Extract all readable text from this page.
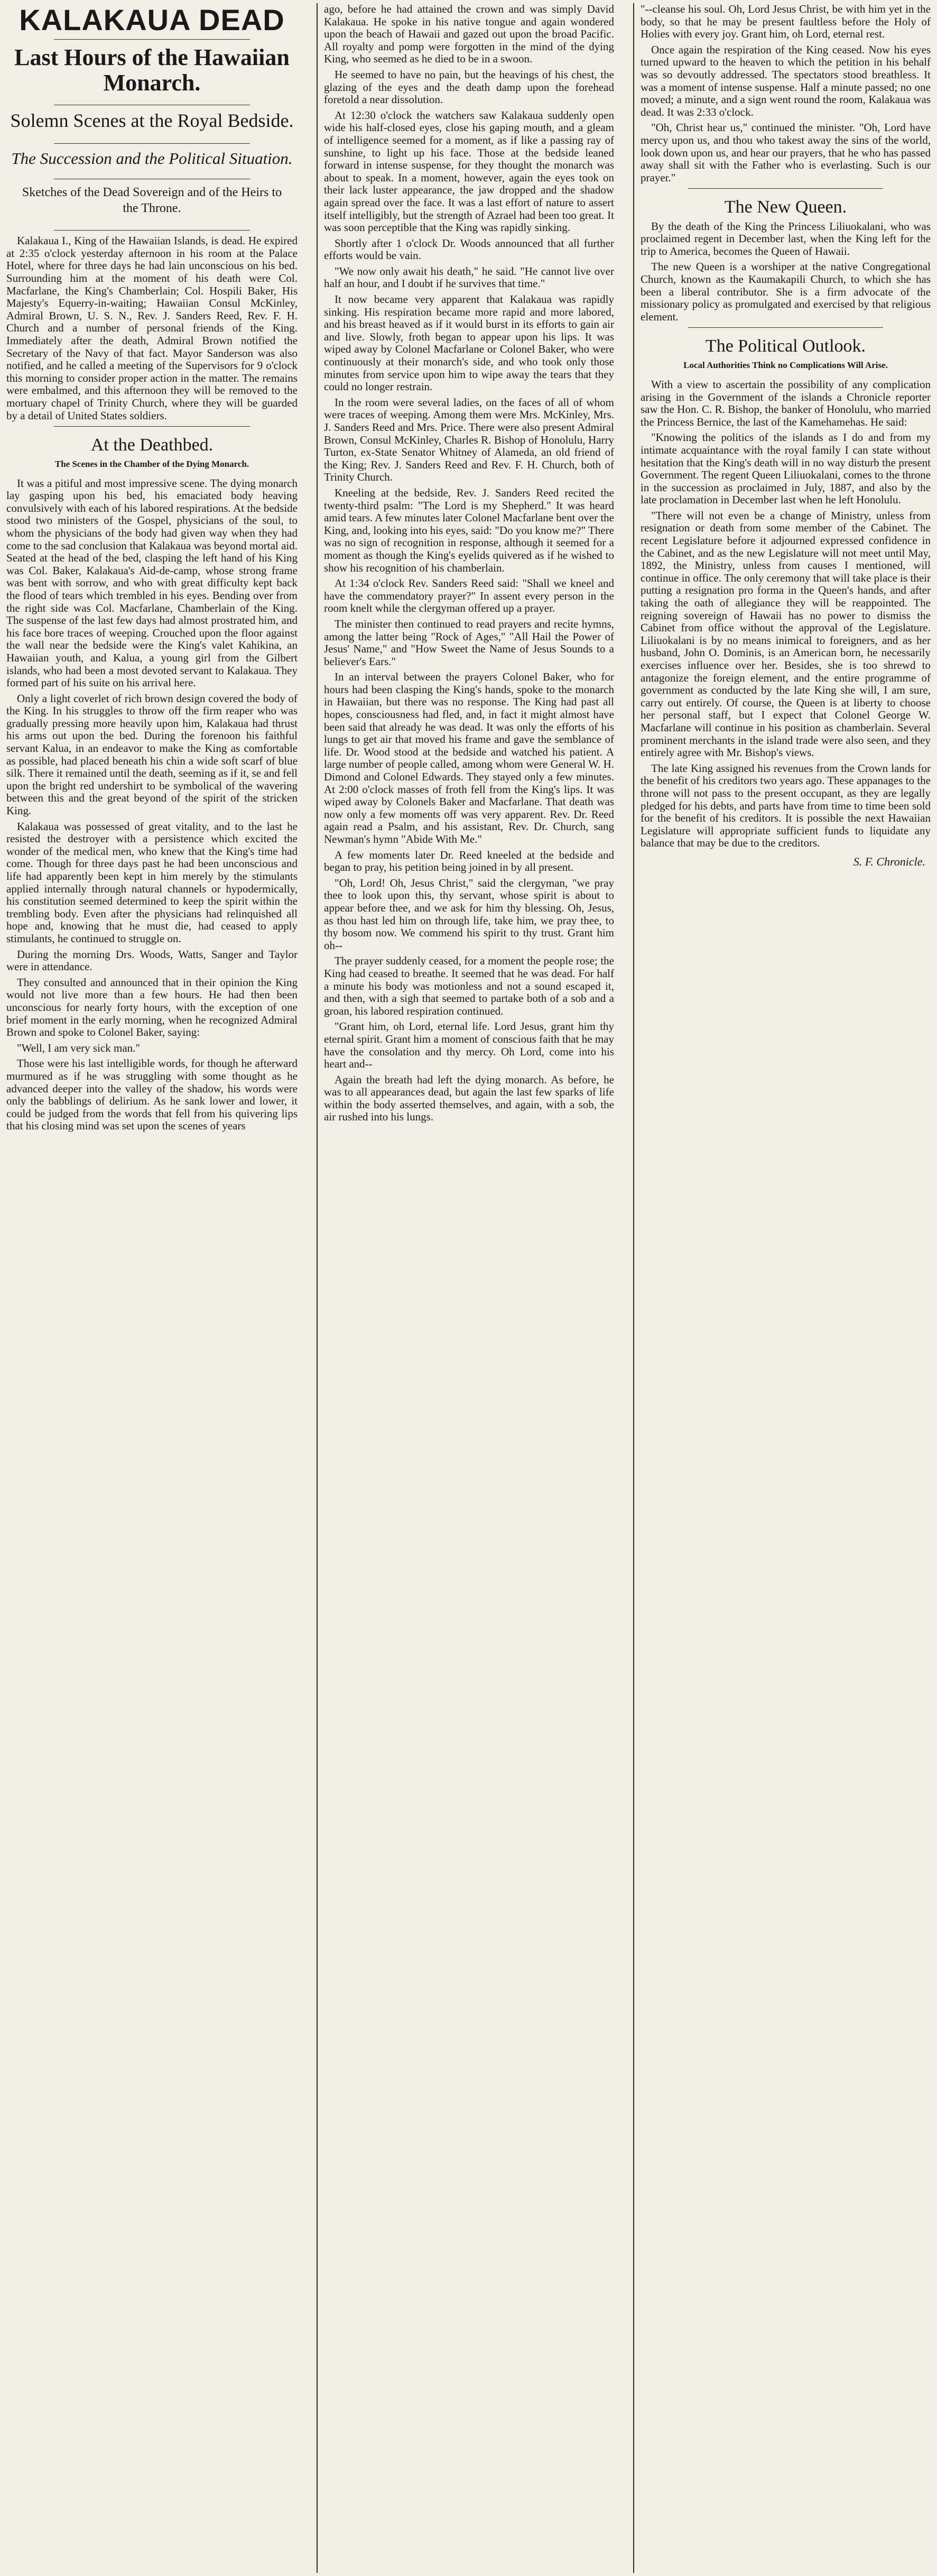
KALAKAUA DEAD
Last Hours of the Hawaiian Monarch.
Solemn Scenes at the Royal Bedside.
The Succession and the Political Situation.
Sketches of the Dead Sovereign and of the Heirs to the Throne.

Kalakaua I., King of the Hawaiian Islands, is dead. He expired at 2:35 o'clock yesterday afternoon in his room at the Palace Hotel, where for three days he had lain unconscious on his bed. Surrounding him at the moment of his death were Col. Macfarlane, the King's Chamberlain; Col. Hospili Baker, His Majesty's Equerry-in-waiting; Hawaiian Consul McKinley, Admiral Brown, U. S. N., Rev. J. Sanders Reed, Rev. F. H. Church and a number of personal friends of the King. Immediately after the death, Admiral Brown notified the Secretary of the Navy of that fact. Mayor Sanderson was also notified, and he called a meeting of the Supervisors for 9 o'clock this morning to consider proper action in the matter. The remains were embalmed, and this afternoon they will be removed to the mortuary chapel of Trinity Church, where they will be guarded by a detail of United States soldiers.

At the Deathbed.
The Scenes in the Chamber of the Dying Monarch.

It was a pitiful and most impressive scene. The dying monarch lay gasping upon his bed, his emaciated body heaving convulsively with each of his labored respirations. At the bedside stood two ministers of the Gospel, physicians of the soul, to whom the physicians of the body had given way when they had come to the sad conclusion that Kalakaua was beyond mortal aid. Seated at the head of the bed, clasping the left hand of his King was Col. Baker, Kalakaua's Aid-de-camp, whose strong frame was bent with sorrow, and who with great difficulty kept back the flood of tears which trembled in his eyes. Bending over from the right side was Col. Macfarlane, Chamberlain of the King. The suspense of the last few days had almost prostrated him, and his face bore traces of weeping. Crouched upon the floor against the wall near the bedside were the King's valet Kahikina, an Hawaiian youth, and Kalua, a young girl from the Gilbert islands, who had been a most devoted servant to Kalakaua. They formed part of his suite on his arrival here.

Only a light coverlet of rich brown design covered the body of the King. In his struggles to throw off the firm reaper who was gradually pressing more heavily upon him, Kalakaua had thrust his arms out upon the bed. During the forenoon his faithful servant Kalua, in an endeavor to make the King as comfortable as possible, had placed beneath his chin a wide soft scarf of blue silk. There it remained until the death, seeming as if it, se and fell upon the bright red undershirt to be symbolical of the wavering between this and the great beyond of the spirit of the stricken King.

Kalakaua was possessed of great vitality, and to the last he resisted the destroyer with a persistence which excited the wonder of the medical men, who knew that the King's time had come. Though for three days past he had been unconscious and life had apparently been kept in him merely by the stimulants applied internally through natural channels or hypodermically, his constitution seemed determined to keep the spirit within the trembling body. Even after the physicians had relinquished all hope and, knowing that he must die, had ceased to apply stimulants, he continued to struggle on.

During the morning Drs. Woods, Watts, Sanger and Taylor were in attendance.

They consulted and announced that in their opinion the King would not live more than a few hours. He had then been unconscious for nearly forty hours, with the exception of one brief moment in the early morning, when he recognized Admiral Brown and spoke to Colonel Baker, saying:

"Well, I am very sick man."

Those were his last intelligible words, for though he afterward murmured as if he was struggling with some thought as he advanced deeper into the valley of the shadow, his words were only the babblings of delirium. As he sank lower and lower, it could be judged from the words that fell from his quivering lips that his closing mind was set upon the scenes of years

ago, before he had attained the crown and was simply David Kalakaua. He spoke in his native tongue and again wondered upon the beach of Hawaii and gazed out upon the broad Pacific. All royalty and pomp were forgotten in the mind of the dying King, who seemed as he died to be in a swoon.

He seemed to have no pain, but the heavings of his chest, the glazing of the eyes and the death damp upon the forehead foretold a near dissolution.

At 12:30 o'clock the watchers saw Kalakaua suddenly open wide his half-closed eyes, close his gaping mouth, and a gleam of intelligence seemed for a moment, as if like a passing ray of sunshine, to light up his face. Those at the bedside leaned forward in intense suspense, for they thought the monarch was about to speak. In a moment, however, again the eyes took on their lack luster appearance, the jaw dropped and the shadow again spread over the face. It was a last effort of nature to assert itself intelligibly, but the strength of Azrael had been too great. It was soon perceptible that the King was rapidly sinking.

Shortly after 1 o'clock Dr. Woods announced that all further efforts would be vain.

"We now only await his death," he said. "He cannot live over half an hour, and I doubt if he survives that time."

It now became very apparent that Kalakaua was rapidly sinking. His respiration became more rapid and more labored, and his breast heaved as if it would burst in its efforts to gain air and live. Slowly, froth began to appear upon his lips. It was wiped away by Colonel Macfarlane or Colonel Baker, who were continuously at their monarch's side, and who took only those minutes from service upon him to wipe away the tears that they could no longer restrain.

In the room were several ladies, on the faces of all of whom were traces of weeping. Among them were Mrs. McKinley, Mrs. J. Sanders Reed and Mrs. Price. There were also present Admiral Brown, Consul McKinley, Charles R. Bishop of Honolulu, Harry Turton, ex-State Senator Whitney of Alameda, an old friend of the King; Rev. J. Sanders Reed and Rev. F. H. Church, both of Trinity Church.

Kneeling at the bedside, Rev. J. Sanders Reed recited the twenty-third psalm: "The Lord is my Shepherd." It was heard amid tears. A few minutes later Colonel Macfarlane bent over the King, and, looking into his eyes, said: "Do you know me?" There was no sign of recognition in response, although it seemed for a moment as though the King's eyelids quivered as if he wished to show his recognition of his chamberlain.

At 1:34 o'clock Rev. Sanders Reed said: "Shall we kneel and have the commendatory prayer?" In assent every person in the room knelt while the clergyman offered up a prayer.

The minister then continued to read prayers and recite hymns, among the latter being "Rock of Ages," "All Hail the Power of Jesus' Name," and "How Sweet the Name of Jesus Sounds to a believer's Ears."

In an interval between the prayers Colonel Baker, who for hours had been clasping the King's hands, spoke to the monarch in Hawaiian, but there was no response. The King had past all hopes, consciousness had fled, and, in fact it might almost have been said that already he was dead. It was only the efforts of his lungs to get air that moved his frame and gave the semblance of life. Dr. Wood stood at the bedside and watched his patient. A large number of people called, among whom were General W. H. Dimond and Colonel Edwards. They stayed only a few minutes. At 2:00 o'clock masses of froth fell from the King's lips. It was wiped away by Colonels Baker and Macfarlane. That death was now only a few moments off was very apparent. Rev. Dr. Reed again read a Psalm, and his assistant, Rev. Dr. Church, sang Newman's hymn "Abide With Me."

A few moments later Dr. Reed kneeled at the bedside and began to pray, his petition being joined in by all present.

"Oh, Lord! Oh, Jesus Christ," said the clergyman, "we pray thee to look upon this, thy servant, whose spirit is about to appear before thee, and we ask for him thy blessing. Oh, Jesus, as thou hast led him on through life, take him, we pray thee, to thy bosom now. We commend his spirit to thy trust. Grant him oh--

The prayer suddenly ceased, for a moment the people rose; the King had ceased to breathe. It seemed that he was dead. For half a minute his body was motionless and not a sound escaped it, and then, with a sigh that seemed to partake both of a sob and a groan, his labored respiration continued.

"Grant him, oh Lord, eternal life. Lord Jesus, grant him thy eternal spirit. Grant him a moment of conscious faith that he may have the consolation and thy mercy. Oh Lord, come into his heart and--

Again the breath had left the dying monarch. As before, he was to all appearances dead, but again the last few sparks of life within the body asserted themselves, and again, with a sob, the air rushed into his lungs.

"--cleanse his soul. Oh, Lord Jesus Christ, be with him yet in the body, so that he may be present faultless before the Holy of Holies with every joy. Grant him, oh Lord, eternal rest.

Once again the respiration of the King ceased. Now his eyes turned upward to the heaven to which the petition in his behalf was so devoutly addressed. The spectators stood breathless. It was a moment of intense suspense. Half a minute passed; no one moved; a minute, and a sign went round the room, Kalakaua was dead. It was 2:33 o'clock.

"Oh, Christ hear us," continued the minister. "Oh, Lord have mercy upon us, and thou who takest away the sins of the world, look down upon us, and hear our prayers, that he who has passed away shall sit with the Father who is everlasting. Such is our prayer."

The New Queen.

By the death of the King the Princess Liliuokalani, who was proclaimed regent in December last, when the King left for the trip to America, becomes the Queen of Hawaii.

The new Queen is a worshiper at the native Congregational Church, known as the Kaumakapili Church, to which she has been a liberal contributor. She is a firm advocate of the missionary policy as promulgated and exercised by that religious element.

The Political Outlook.
Local Authorities Think no Complications Will Arise.

With a view to ascertain the possibility of any complication arising in the Government of the islands a Chronicle reporter saw the Hon. C. R. Bishop, the banker of Honolulu, who married the Princess Bernice, the last of the Kamehamehas. He said:

"Knowing the politics of the islands as I do and from my intimate acquaintance with the royal family I can state without hesitation that the King's death will in no way disturb the present Government. The regent Queen Liliuokalani, comes to the throne in the succession as proclaimed in July, 1887, and also by the late proclamation in December last when he left Honolulu.

"There will not even be a change of Ministry, unless from resignation or death from some member of the Cabinet. The recent Legislature before it adjourned expressed confidence in the Cabinet, and as the new Legislature will not meet until May, 1892, the Ministry, unless from causes I mentioned, will continue in office. The only ceremony that will take place is their putting a resignation pro forma in the Queen's hands, and after taking the oath of allegiance they will be reappointed. The reigning sovereign of Hawaii has no power to dismiss the Cabinet from office without the approval of the Legislature. Liliuokalani is by no means inimical to foreigners, and as her husband, John O. Dominis, is an American born, he necessarily exercises influence over her. Besides, she is too shrewd to antagonize the foreign element, and the entire programme of government as conducted by the late King she will, I am sure, carry out entirely. Of course, the Queen is at liberty to choose her personal staff, but I expect that Colonel George W. Macfarlane will continue in his position as chamberlain. Several prominent merchants in the island trade were also seen, and they entirely agree with Mr. Bishop's views.

The late King assigned his revenues from the Crown lands for the benefit of his creditors two years ago. These appanages to the throne will not pass to the present occupant, as they are legally pledged for his debts, and parts have from time to time been sold for the benefit of his creditors. It is possible the next Hawaiian Legislature will appropriate sufficient funds to liquidate any balance that may be due to the creditors.

S. F. Chronicle.
